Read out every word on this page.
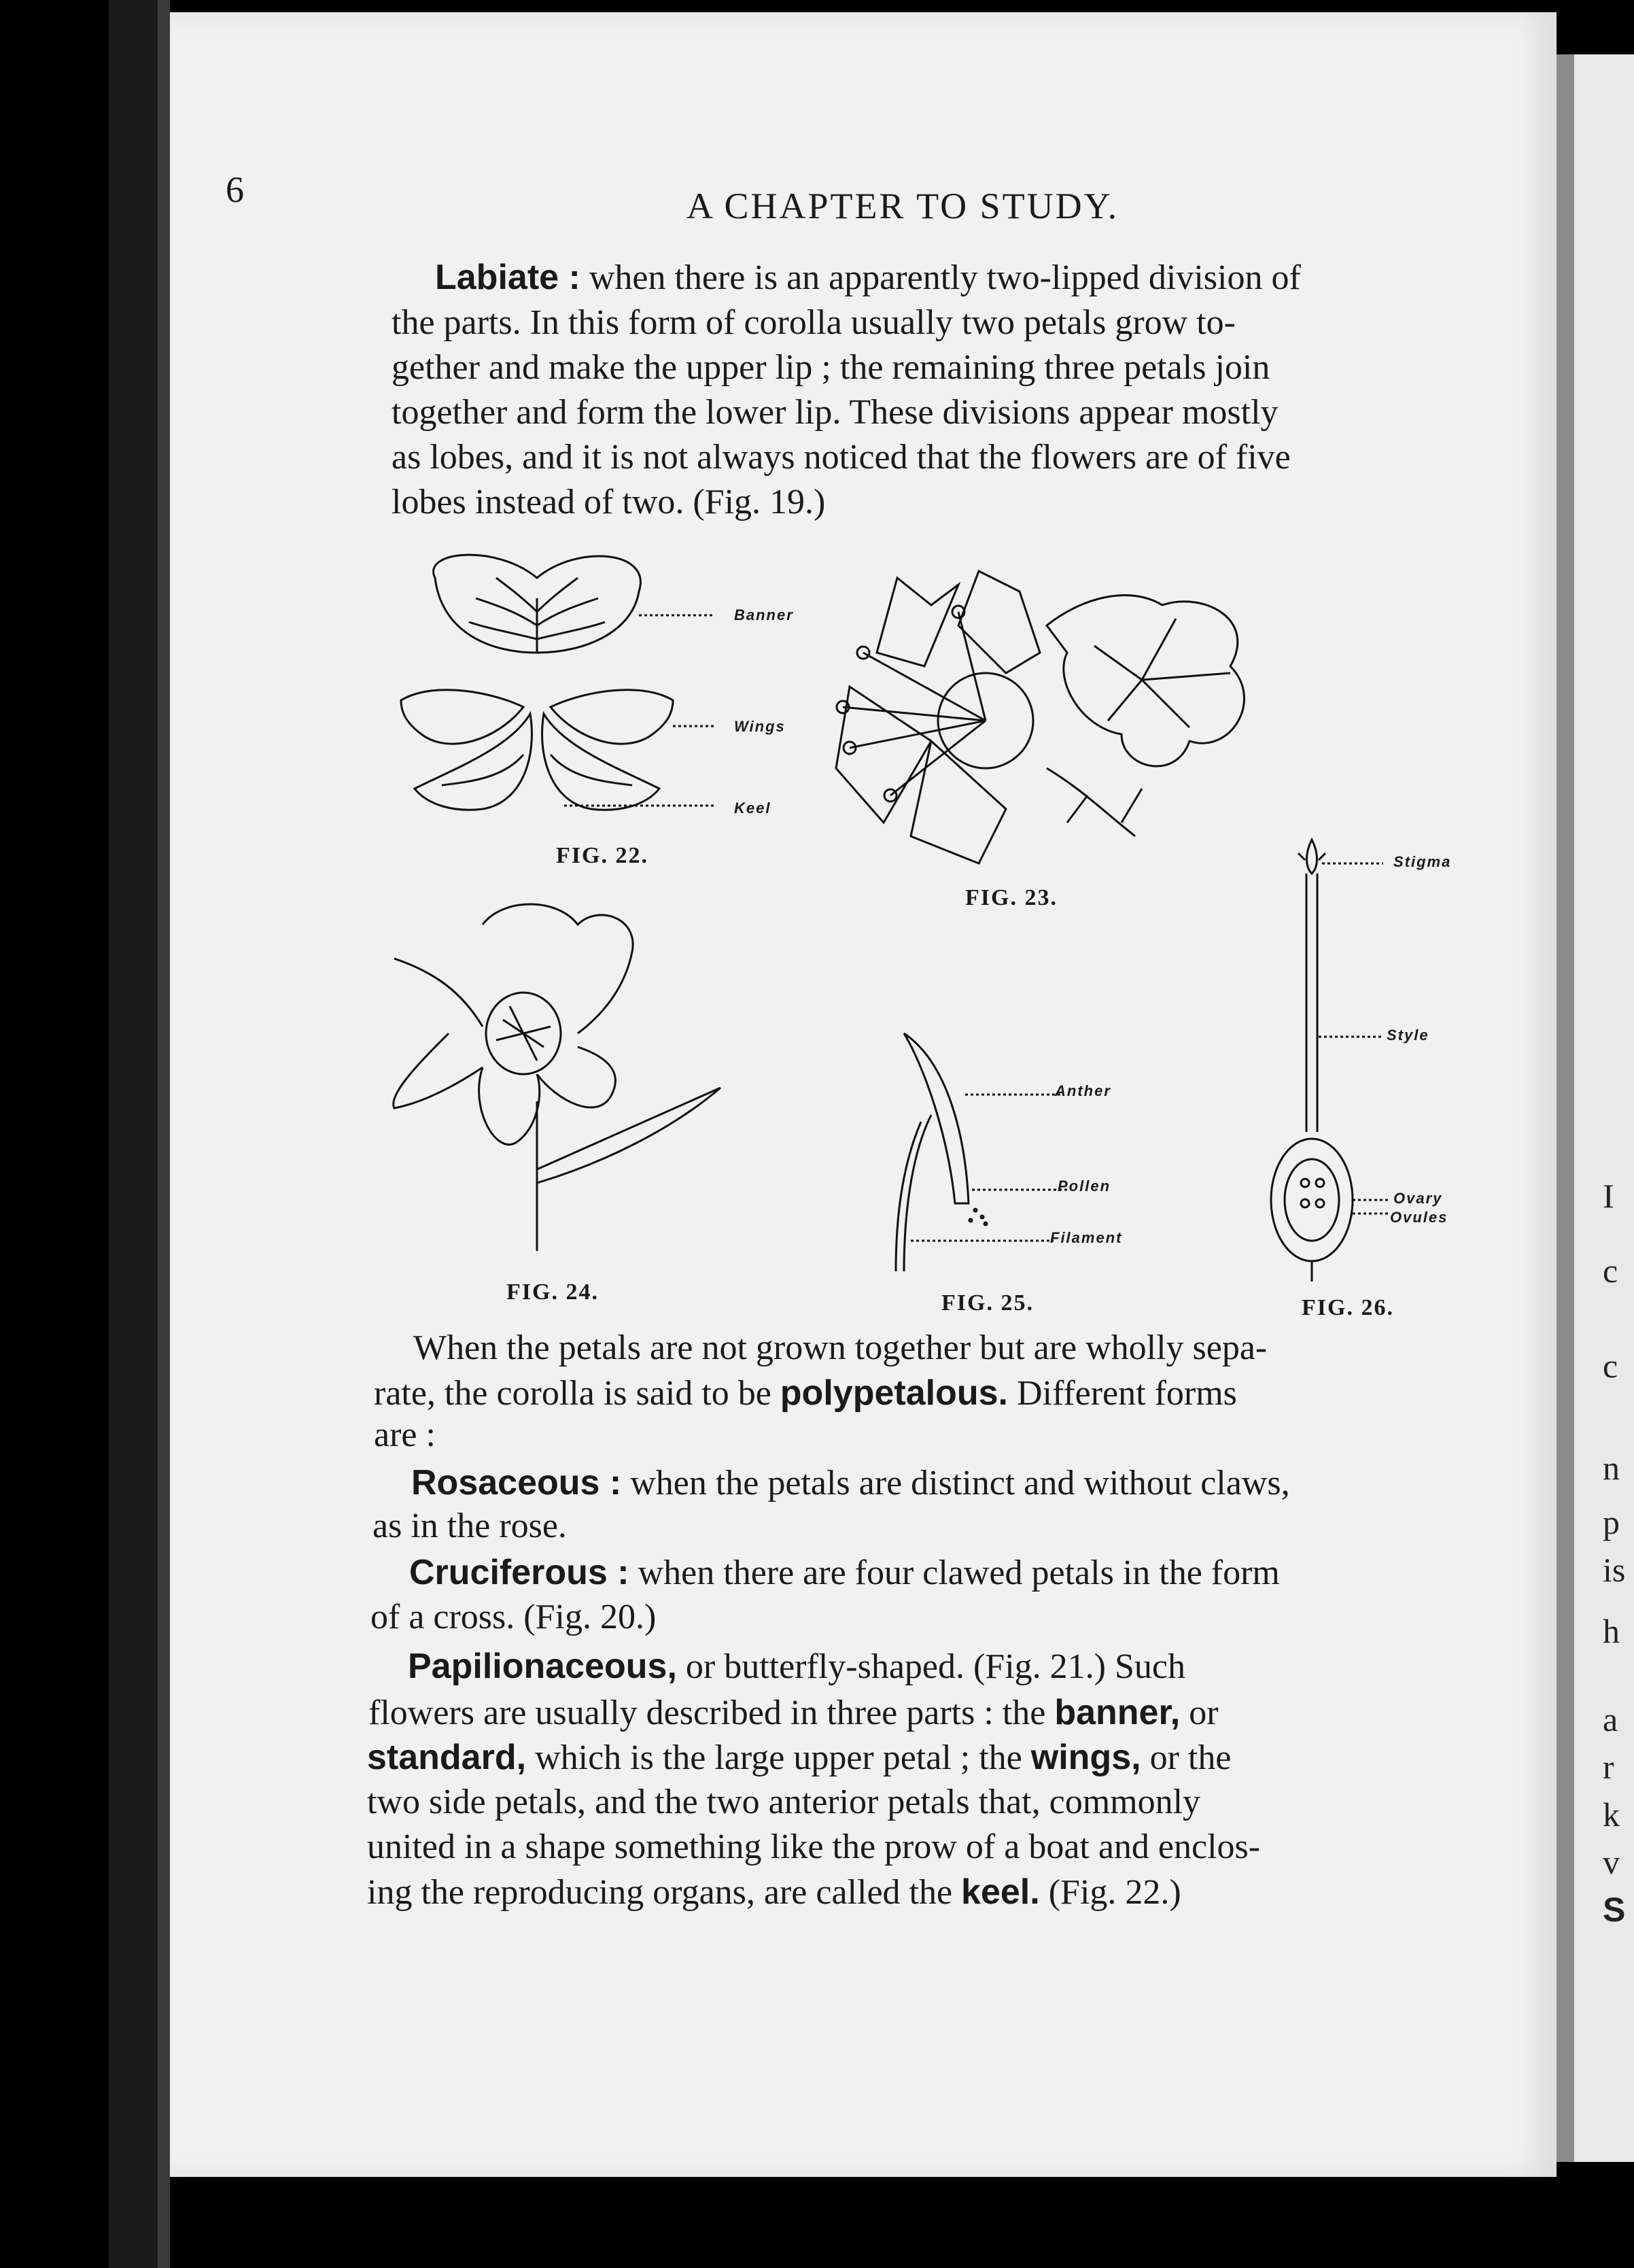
I
c
c
n
p
is
h
a
r
k
v
S
6	A CHAPTER TO STUDY.
Labiate : when there is an apparently two-lipped division of
the parts. In this form of corolla usually two petals grow to-
gether and make the upper lip ; the remaining three petals join
together and form the lower lip. These divisions appear mostly
as lobes, and it is not always noticed that the flowers are of five
lobes instead of two. (Fig. 19.)
Banner
Wings
Keel
FIG. 22.
FIG. 23.
FIG. 24.
Anther
Pollen
Filament
FIG. 25.
Stigma
Style
Ovary
Ovules
FIG. 26.
When the petals are not grown together but are wholly sepa-
rate, the corolla is said to be polypetalous. Different forms
are :
Rosaceous : when the petals are distinct and without claws,
as in the rose.
Cruciferous : when there are four clawed petals in the form
of a cross. (Fig. 20.)
Papilionaceous, or butterfly-shaped. (Fig. 21.) Such
flowers are usually described in three parts : the banner, or
standard, which is the large upper petal ; the wings, or the
two side petals, and the two anterior petals that, commonly
united in a shape something like the prow of a boat and enclos-
ing the reproducing organs, are called the keel. (Fig. 22.)
